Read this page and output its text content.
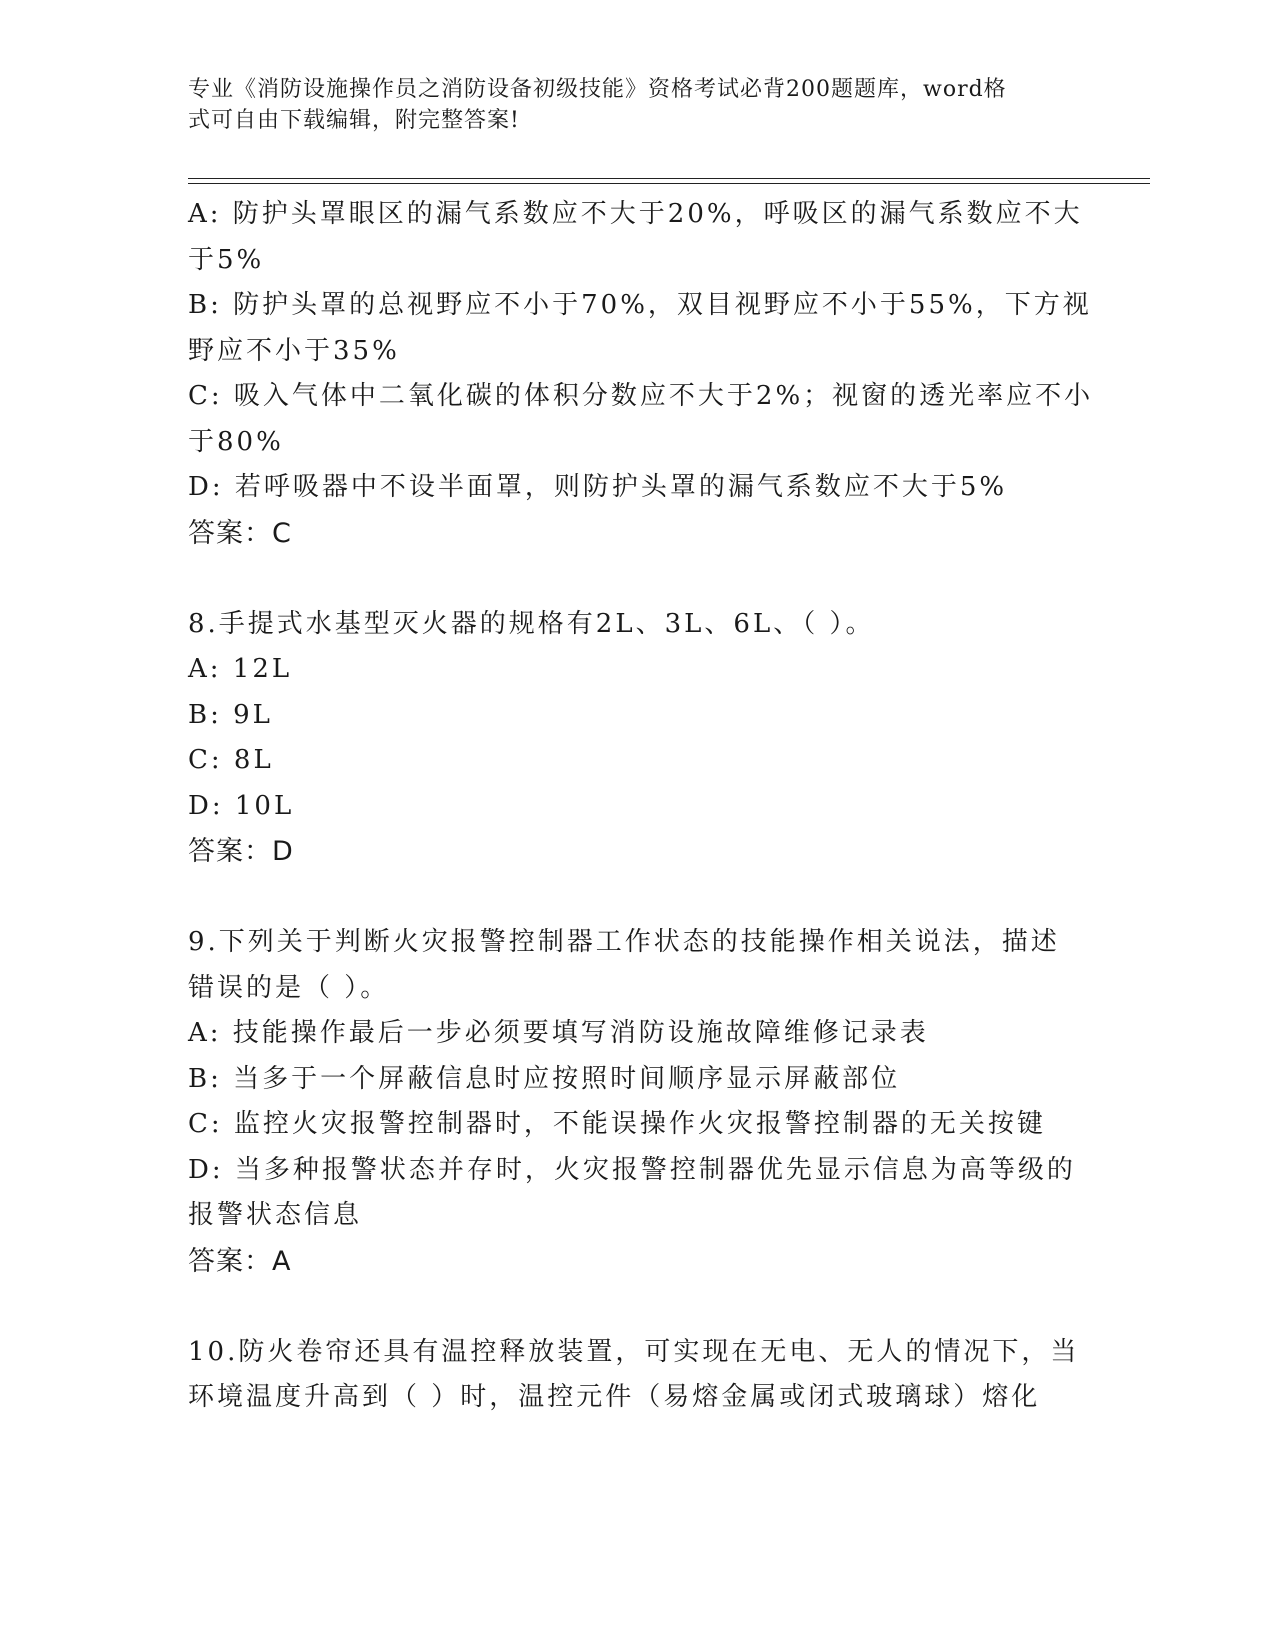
专业《消防设施操作员之消防设备初级技能》资格考试必背200题题库，word格
式可自由下载编辑，附完整答案!
A: 防护头罩眼区的漏气系数应不大于20%，呼吸区的漏气系数应不大
于5%
B: 防护头罩的总视野应不小于70%，双目视野应不小于55%，下方视
野应不小于35%
C: 吸入气体中二氧化碳的体积分数应不大于2%；视窗的透光率应不小
于80%
D: 若呼吸器中不设半面罩，则防护头罩的漏气系数应不大于5%
答案：C
8.手提式水基型灭火器的规格有2L、3L、6L、（ ）。
A: 12L
B: 9L
C: 8L
D: 10L
答案：D
9.下列关于判断火灾报警控制器工作状态的技能操作相关说法，描述
错误的是（ ）。
A: 技能操作最后一步必须要填写消防设施故障维修记录表
B: 当多于一个屏蔽信息时应按照时间顺序显示屏蔽部位
C: 监控火灾报警控制器时，不能误操作火灾报警控制器的无关按键
D: 当多种报警状态并存时，火灾报警控制器优先显示信息为高等级的
报警状态信息
答案：A
10.防火卷帘还具有温控释放装置，可实现在无电、无人的情况下，当
环境温度升高到（ ）时，温控元件（易熔金属或闭式玻璃球）熔化
